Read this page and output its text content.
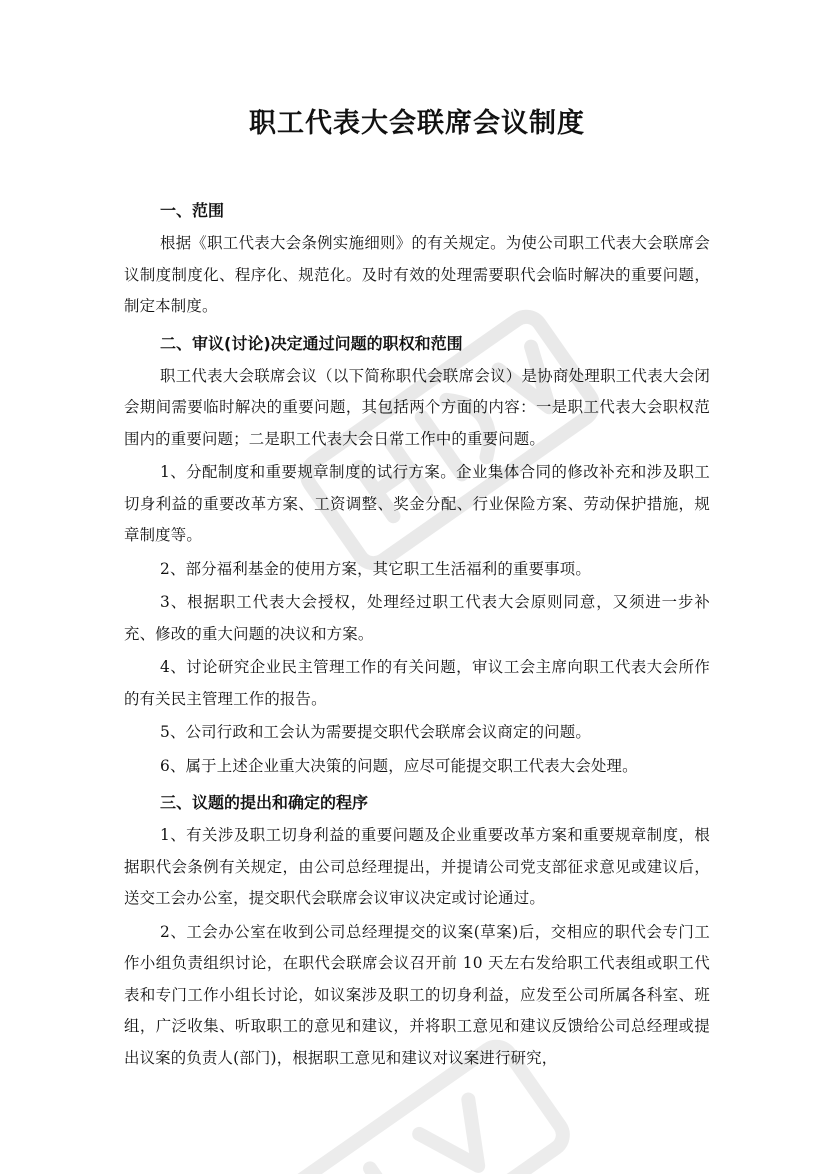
职工代表大会联席会议制度
一、范围

根据《职工代表大会条例实施细则》的有关规定。为使公司职工代表大会联席会议制度制度化、程序化、规范化。及时有效的处理需要职代会临时解决的重要问题，制定本制度。

二、审议(讨论)决定通过问题的职权和范围

职工代表大会联席会议（以下简称职代会联席会议）是协商处理职工代表大会闭会期间需要临时解决的重要问题，其包括两个方面的内容：一是职工代表大会职权范围内的重要问题；二是职工代表大会日常工作中的重要问题。

1、分配制度和重要规章制度的试行方案。企业集体合同的修改补充和涉及职工切身利益的重要改革方案、工资调整、奖金分配、行业保险方案、劳动保护措施，规章制度等。

2、部分福利基金的使用方案，其它职工生活福利的重要事项。

3、根据职工代表大会授权，处理经过职工代表大会原则同意，又须进一步补充、修改的重大问题的决议和方案。

4、讨论研究企业民主管理工作的有关问题，审议工会主席向职工代表大会所作的有关民主管理工作的报告。

5、公司行政和工会认为需要提交职代会联席会议商定的问题。

6、属于上述企业重大决策的问题，应尽可能提交职工代表大会处理。

三、议题的提出和确定的程序

1、有关涉及职工切身利益的重要问题及企业重要改革方案和重要规章制度，根据职代会条例有关规定，由公司总经理提出，并提请公司党支部征求意见或建议后，送交工会办公室，提交职代会联席会议审议决定或讨论通过。

2、工会办公室在收到公司总经理提交的议案(草案)后，交相应的职代会专门工作小组负责组织讨论，在职代会联席会议召开前 10 天左右发给职工代表组或职工代表和专门工作小组长讨论，如议案涉及职工的切身利益，应发至公司所属各科室、班组，广泛收集、听取职工的意见和建议，并将职工意见和建议反馈给公司总经理或提出议案的负责人(部门)，根据职工意见和建议对议案进行研究，
